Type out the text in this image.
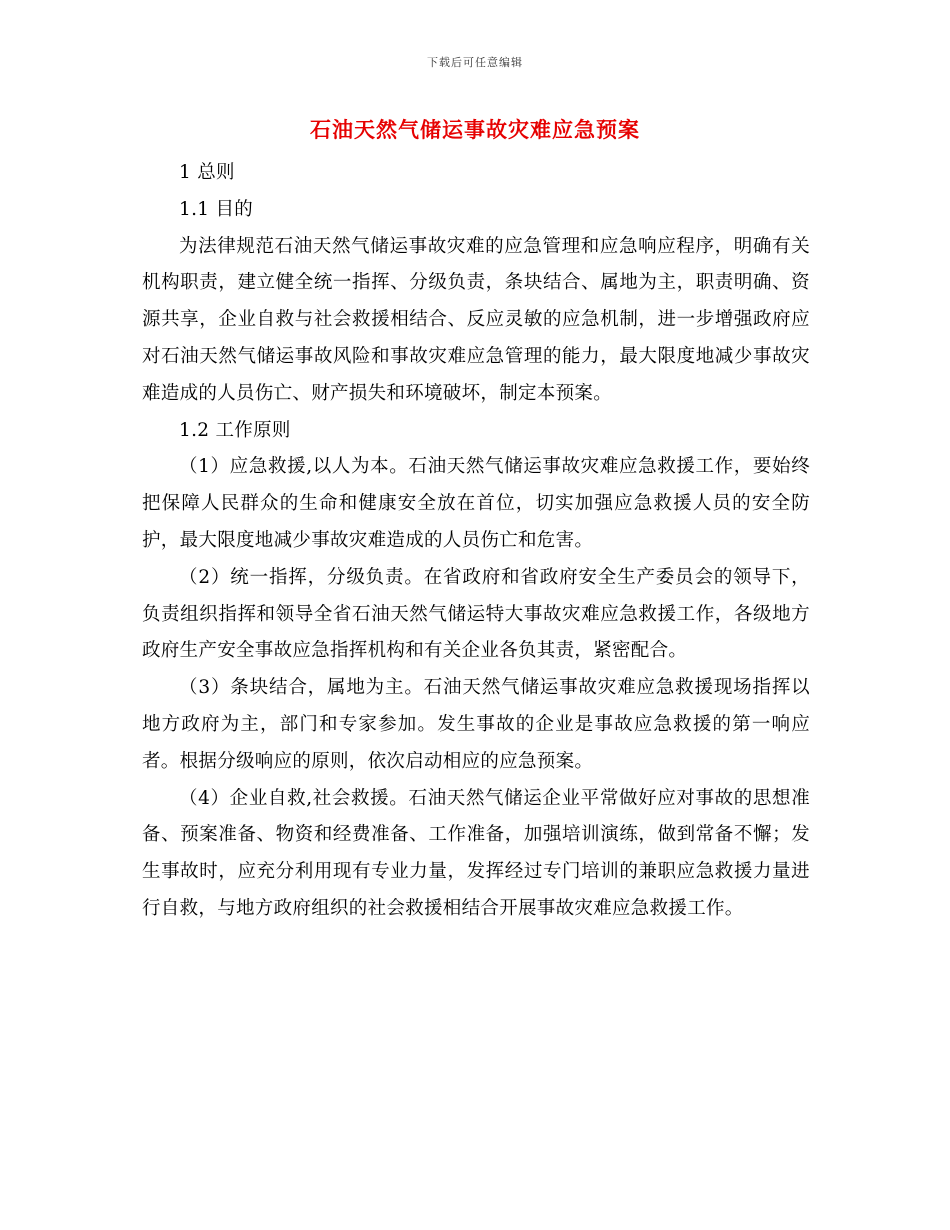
下载后可任意编辑
石油天然气储运事故灾难应急预案

1 总则

1.1 目的

为法律规范石油天然气储运事故灾难的应急管理和应急响应程序，明确有关机构职责，建立健全统一指挥、分级负责，条块结合、属地为主，职责明确、资源共享，企业自救与社会救援相结合、反应灵敏的应急机制，进一步增强政府应对石油天然气储运事故风险和事故灾难应急管理的能力，最大限度地减少事故灾难造成的人员伤亡、财产损失和环境破坏，制定本预案。

1.2 工作原则

（1）应急救援,以人为本。石油天然气储运事故灾难应急救援工作，要始终把保障人民群众的生命和健康安全放在首位，切实加强应急救援人员的安全防护，最大限度地减少事故灾难造成的人员伤亡和危害。

（2）统一指挥，分级负责。在省政府和省政府安全生产委员会的领导下，负责组织指挥和领导全省石油天然气储运特大事故灾难应急救援工作，各级地方政府生产安全事故应急指挥机构和有关企业各负其责，紧密配合。

（3）条块结合，属地为主。石油天然气储运事故灾难应急救援现场指挥以地方政府为主，部门和专家参加。发生事故的企业是事故应急救援的第一响应者。根据分级响应的原则，依次启动相应的应急预案。

（4）企业自救,社会救援。石油天然气储运企业平常做好应对事故的思想准备、预案准备、物资和经费准备、工作准备，加强培训演练，做到常备不懈；发生事故时，应充分利用现有专业力量，发挥经过专门培训的兼职应急救援力量进行自救，与地方政府组织的社会救援相结合开展事故灾难应急救援工作。
